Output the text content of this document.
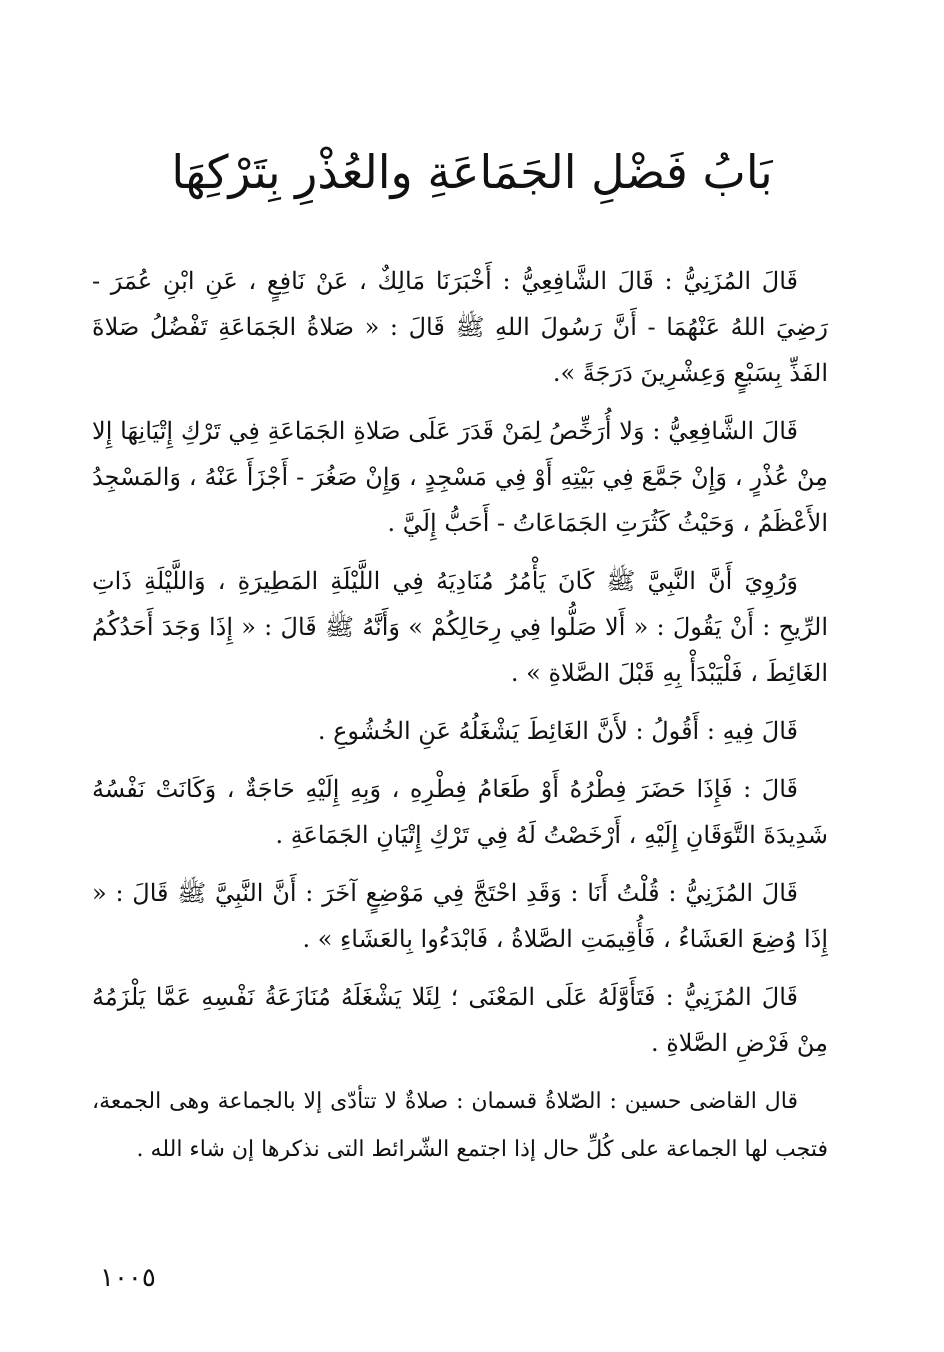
بَابُ فَضْلِ الجَمَاعَةِ والعُذْرِ بِتَرْكِهَا

قَالَ المُزَنِيُّ : قَالَ الشَّافِعِيُّ : أَخْبَرَنَا مَالِكٌ ، عَنْ نَافِعٍ ، عَنِ ابْنِ عُمَرَ - رَضِيَ اللهُ عَنْهُمَا - أَنَّ رَسُولَ اللهِ ﷺ قَالَ : « صَلاةُ الجَمَاعَةِ تَفْضُلُ صَلاةَ الفَذِّ بِسَبْعٍ وَعِشْرِينَ دَرَجَةً ».

قَالَ الشَّافِعِيُّ : وَلا أُرَخِّصُ لِمَنْ قَدَرَ عَلَى صَلاةِ الجَمَاعَةِ فِي تَرْكِ إِتْيَانِهَا إِلا مِنْ عُذْرٍ ، وَإِنْ جَمَّعَ فِي بَيْتِهِ أَوْ فِي مَسْجِدٍ ، وَإِنْ صَغُرَ - أَجْزَأَ عَنْهُ ، وَالمَسْجِدُ الأَعْظَمُ ، وَحَيْثُ كَثُرَتِ الجَمَاعَاتُ - أَحَبُّ إِلَيَّ .

وَرُوِيَ أَنَّ النَّبِيَّ ﷺ كَانَ يَأْمُرُ مُنَادِيَهُ فِي اللَّيْلَةِ المَطِيرَةِ ، وَاللَّيْلَةِ ذَاتِ الرِّيحِ : أَنْ يَقُولَ : « أَلا صَلُّوا فِي رِحَالِكُمْ » وَأَنَّهُ ﷺ قَالَ : « إِذَا وَجَدَ أَحَدُكُمُ الغَائِطَ ، فَلْيَبْدَأْ بِهِ قَبْلَ الصَّلاةِ » .

قَالَ فِيهِ : أَقُولُ : لأَنَّ الغَائِطَ يَشْغَلُهُ عَنِ الخُشُوعِ .

قَالَ : فَإِذَا حَضَرَ فِطْرُهُ أَوْ طَعَامُ فِطْرِهِ ، وَبِهِ إِلَيْهِ حَاجَةٌ ، وَكَانَتْ نَفْسُهُ شَدِيدَةَ التَّوَقَانِ إِلَيْهِ ، أَرْخَصْتُ لَهُ فِي تَرْكِ إِتْيَانِ الجَمَاعَةِ .

قَالَ المُزَنِيُّ : قُلْتُ أَنَا : وَقَدِ احْتَجَّ فِي مَوْضِعٍ آخَرَ : أَنَّ النَّبِيَّ ﷺ قَالَ : « إِذَا وُضِعَ العَشَاءُ ، فَأُقِيمَتِ الصَّلاةُ ، فَابْدَءُوا بِالعَشَاءِ » .

قَالَ المُزَنِيُّ : فَتَأَوَّلَهُ عَلَى المَعْنَى ؛ لِئَلا يَشْغَلَهُ مُنَازَعَةُ نَفْسِهِ عَمَّا يَلْزَمُهُ مِنْ فَرْضِ الصَّلاةِ .

قال القاضى حسين : الصّلاةُ قسمان : صلاةٌ لا تتأدّى إلا بالجماعة وهى الجمعة، فتجب لها الجماعة على كُلِّ حال إذا اجتمع الشّرائط التى نذكرها إن شاء الله .

١٠٠٥
